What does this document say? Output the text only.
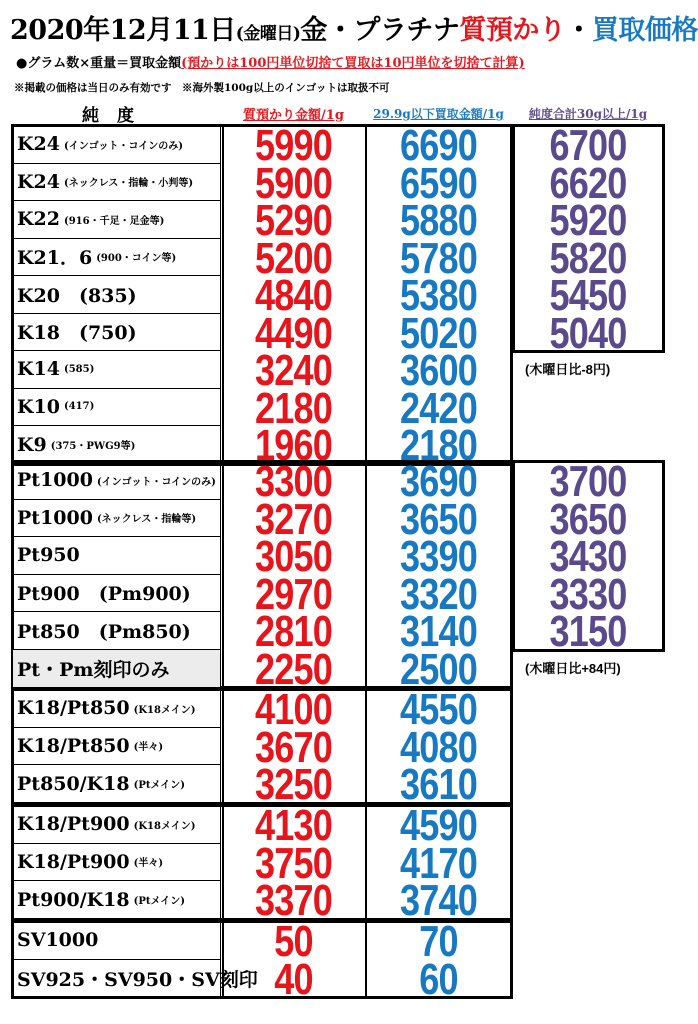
2020年12月11日(金曜日)金・プラチナ質預かり・買取価格
●グラム数×重量＝買取金額(預かりは100円単位切捨て買取は10円単位を切捨て計算)
※掲載の価格は当日のみ有効です　※海外製100g以上のインゴットは取扱不可
純度	質預かり金額/1g	29.9g以下買取金額/1g	純度合計30g以上/1g
K24 (インゴット・コインのみ)	5990	6690	6700
K24 (ネックレス・指輪・小判等)	5900	6590	6620
K22 (916・千足・足金等)	5290	5880	5920
K21．6 (900・コイン等)	5200	5780	5820
K20　(835)	4840	5380	5450
K18　(750)	4490	5020	5040
K14 (585)	3240	3600
K10 (417)	2180	2420
K9 (375・PWG9等)	1960	2180
(木曜日比-8円)
Pt1000 (インゴット・コインのみ) 3300	3690	3700
Pt1000 (ネックレス・指輪等)	3270	3650	3650
Pt950	3050	3390	3430
Pt900　(Pm900)	2970	3320	3330
Pt850　(Pm850)	2810	3140	3150
Pt・Pm刻印のみ	2250	2500	(木曜日比+84円)
K18/Pt850 (K18メイン)	4100	4550
K18/Pt850 (半々)	3670	4080
Pt850/K18 (Ptメイン)	3250	3610
K18/Pt900 (K18メイン)	4130	4590
K18/Pt900 (半々)	3750	4170
Pt900/K18 (Ptメイン)	3370	3740
SV1000	50	70
SV925・SV950・SV刻印 40	60
